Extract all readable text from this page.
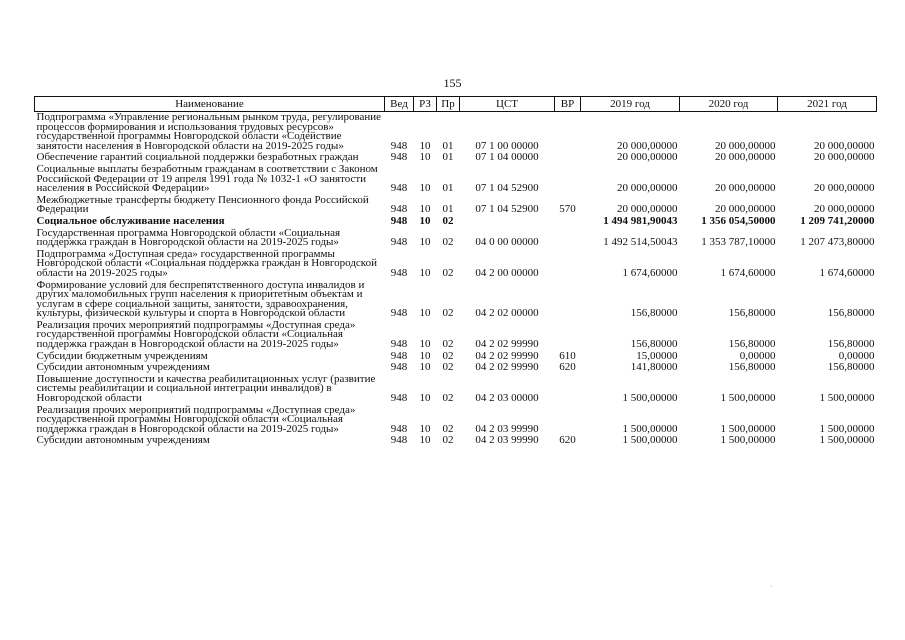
155
Наименование	Вед	РЗ	Пр	ЦСТ	ВР	2019 год	2020 год	2021 год
Подпрограмма «Управление региональным рынком труда, регулирование процессов формирования и использования трудовых ресурсов» государственной программы Новгородской области «Содействие занятости населения в Новгородской области на 2019-2025 годы»	948	10	01	07 1 00 00000		20 000,00000	20 000,00000	20 000,00000
Обеспечение гарантий социальной поддержки безработных граждан	948	10	01	07 1 04 00000		20 000,00000	20 000,00000	20 000,00000
Социальные выплаты безработным гражданам в соответствии с Законом Российской Федерации от 19 апреля 1991 года № 1032-1 «О занятости населения в Российской Федерации»	948	10	01	07 1 04 52900		20 000,00000	20 000,00000	20 000,00000
Межбюджетные трансферты бюджету Пенсионного фонда Российской Федерации	948	10	01	07 1 04 52900	570	20 000,00000	20 000,00000	20 000,00000
Социальное обслуживание населения	948	10	02			1 494 981,90043	1 356 054,50000	1 209 741,20000
Государственная программа Новгородской области «Социальная поддержка граждан в Новгородской области на 2019-2025 годы»	948	10	02	04 0 00 00000		1 492 514,50043	1 353 787,10000	1 207 473,80000
Подпрограмма «Доступная среда» государственной программы Новгородской области «Социальная поддержка граждан в Новгородской области на 2019-2025 годы»	948	10	02	04 2 00 00000		1 674,60000	1 674,60000	1 674,60000
Формирование условий для беспрепятственного доступа инвалидов и других маломобильных групп населения к приоритетным объектам и услугам в сфере социальной защиты, занятости, здравоохранения, культуры, физической культуры и спорта в Новгородской области	948	10	02	04 2 02 00000		156,80000	156,80000	156,80000
Реализация прочих мероприятий подпрограммы «Доступная среда» государственной программы Новгородской области «Социальная поддержка граждан в Новгородской области на 2019-2025 годы»	948	10	02	04 2 02 99990		156,80000	156,80000	156,80000
Субсидии бюджетным учреждениям	948	10	02	04 2 02 99990	610	15,00000	0,00000	0,00000
Субсидии автономным учреждениям	948	10	02	04 2 02 99990	620	141,80000	156,80000	156,80000
Повышение доступности и качества реабилитационных услуг (развитие системы реабилитации и социальной интеграции инвалидов) в Новгородской области	948	10	02	04 2 03 00000		1 500,00000	1 500,00000	1 500,00000
Реализация прочих мероприятий подпрограммы «Доступная среда» государственной программы Новгородской области «Социальная поддержка граждан в Новгородской области на 2019-2025 годы»	948	10	02	04 2 03 99990		1 500,00000	1 500,00000	1 500,00000
Субсидии автономным учреждениям	948	10	02	04 2 03 99990	620	1 500,00000	1 500,00000	1 500,00000
·
